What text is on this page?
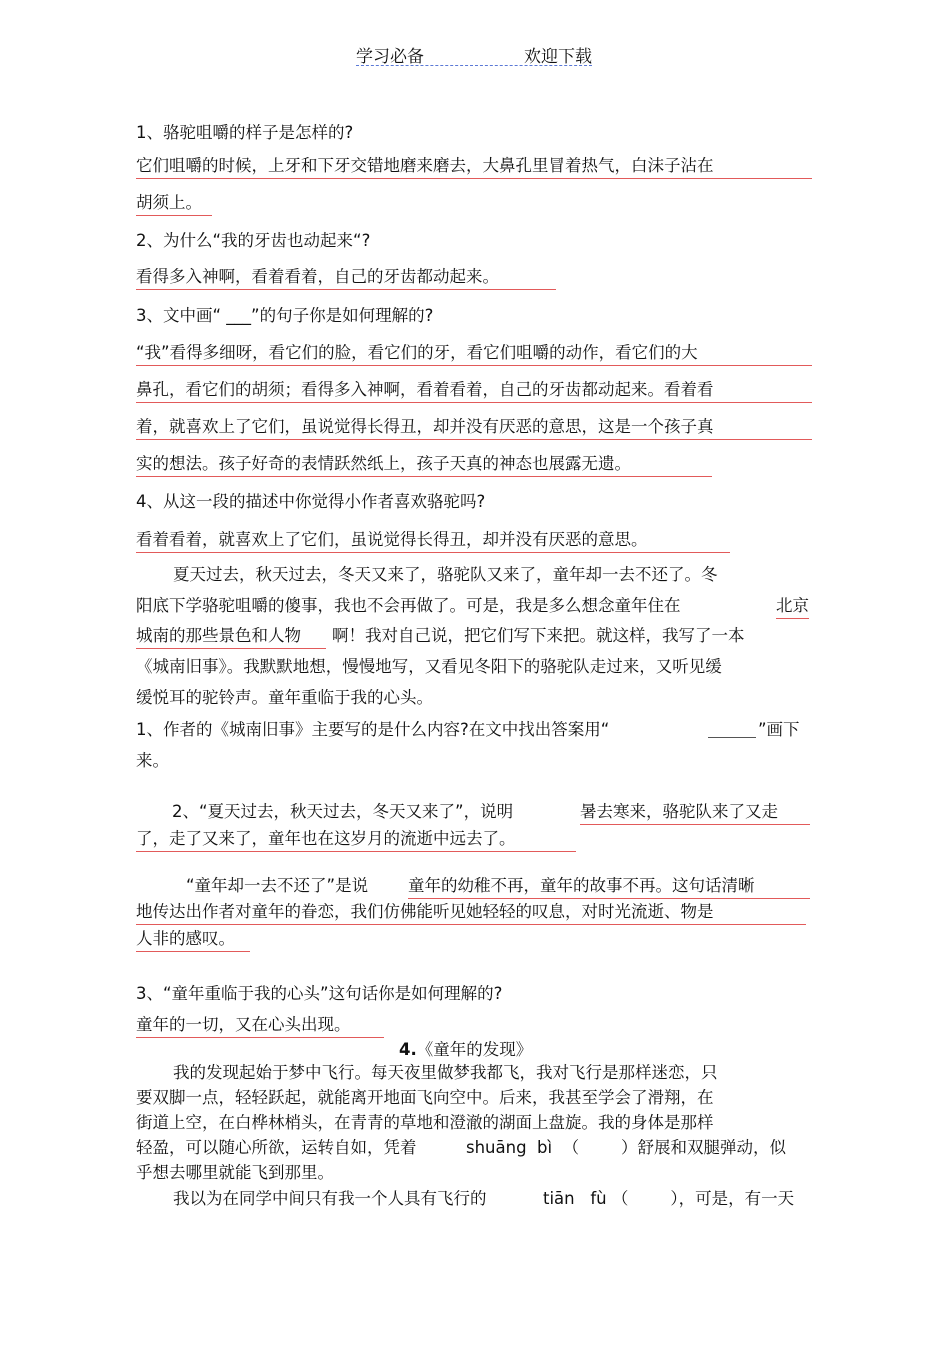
学习必备	欢迎下载
1、骆驼咀嚼的样子是怎样的?
它们咀嚼的时候，上牙和下牙交错地磨来磨去，大鼻孔里冒着热气，白沫子沾在
胡须上。
2、为什么“我的牙齿也动起来“?
看得多入神啊，看着看着，自己的牙齿都动起来。
3、文中画“ ___”的句子你是如何理解的?
“我”看得多细呀，看它们的脸，看它们的牙，看它们咀嚼的动作，看它们的大
鼻孔，看它们的胡须；看得多入神啊，看着看着，自己的牙齿都动起来。看着看
着，就喜欢上了它们，虽说觉得长得丑，却并没有厌恶的意思，这是一个孩子真
实的想法。孩子好奇的表情跃然纸上，孩子天真的神态也展露无遗。
4、从这一段的描述中你觉得小作者喜欢骆驼吗?
看着看着，就喜欢上了它们，虽说觉得长得丑，却并没有厌恶的意思。
夏天过去，秋天过去，冬天又来了，骆驼队又来了，童年却一去不还了。冬
阳底下学骆驼咀嚼的傻事，我也不会再做了。可是，我是多么想念童年住在	北京
城南的那些景色和人物	啊！我对自己说，把它们写下来把。就这样，我写了一本
《城南旧事》。我默默地想，慢慢地写，又看见冬阳下的骆驼队走过来，又听见缓
缓悦耳的驼铃声。童年重临于我的心头。
1、作者的《城南旧事》主要写的是什么内容?在文中找出答案用“	”画下
来。
2、“夏天过去，秋天过去，冬天又来了”，说明	暑去寒来，骆驼队来了又走
了，走了又来了，童年也在这岁月的流逝中远去了。
“童年却一去不还了”是说 童年的幼稚不再，童年的故事不再。这句话清晰
地传达出作者对童年的眷恋，我们仿佛能听见她轻轻的叹息，对时光流逝、物是
人非的感叹。
3、“童年重临于我的心头”这句话你是如何理解的?
童年的一切，又在心头出现。
4.《童年的发现》
我的发现起始于梦中飞行。每天夜里做梦我都飞，我对飞行是那样迷恋，只
要双脚一点，轻轻跃起，就能离开地面飞向空中。后来，我甚至学会了滑翔，在
街道上空，在白桦林梢头，在青青的草地和澄澈的湖面上盘旋。我的身体是那样
轻盈，可以随心所欲，运转自如，凭着	shuāng  bì  （        ）舒展和双腿弹动，似
乎想去哪里就能飞到那里。
我以为在同学中间只有我一个人具有飞行的	tiān   fù （        ），可是，有一天
